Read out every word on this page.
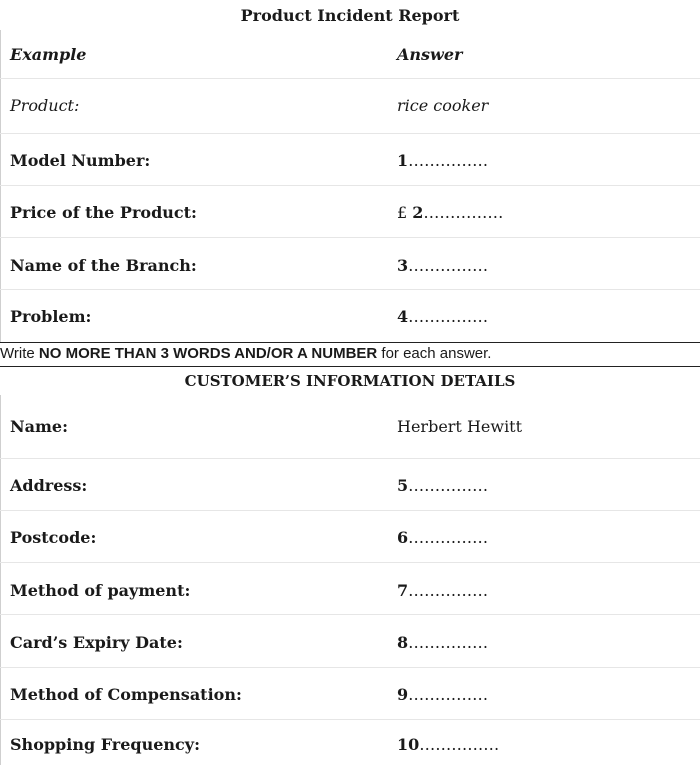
Product Incident Report
Example	Answer
Product:	rice cooker
Model Number:	1……………
Price of the Product:	£ 2……………
Name of the Branch:	3……………
Problem:	4……………
Write NO MORE THAN 3 WORDS AND/OR A NUMBER for each answer.
CUSTOMER’S INFORMATION DETAILS
Name:	Herbert Hewitt
Address:	5……………
Postcode:	6……………
Method of payment:	7……………
Card’s Expiry Date:	8……………
Method of Compensation:	9……………
Shopping Frequency:	10……………
